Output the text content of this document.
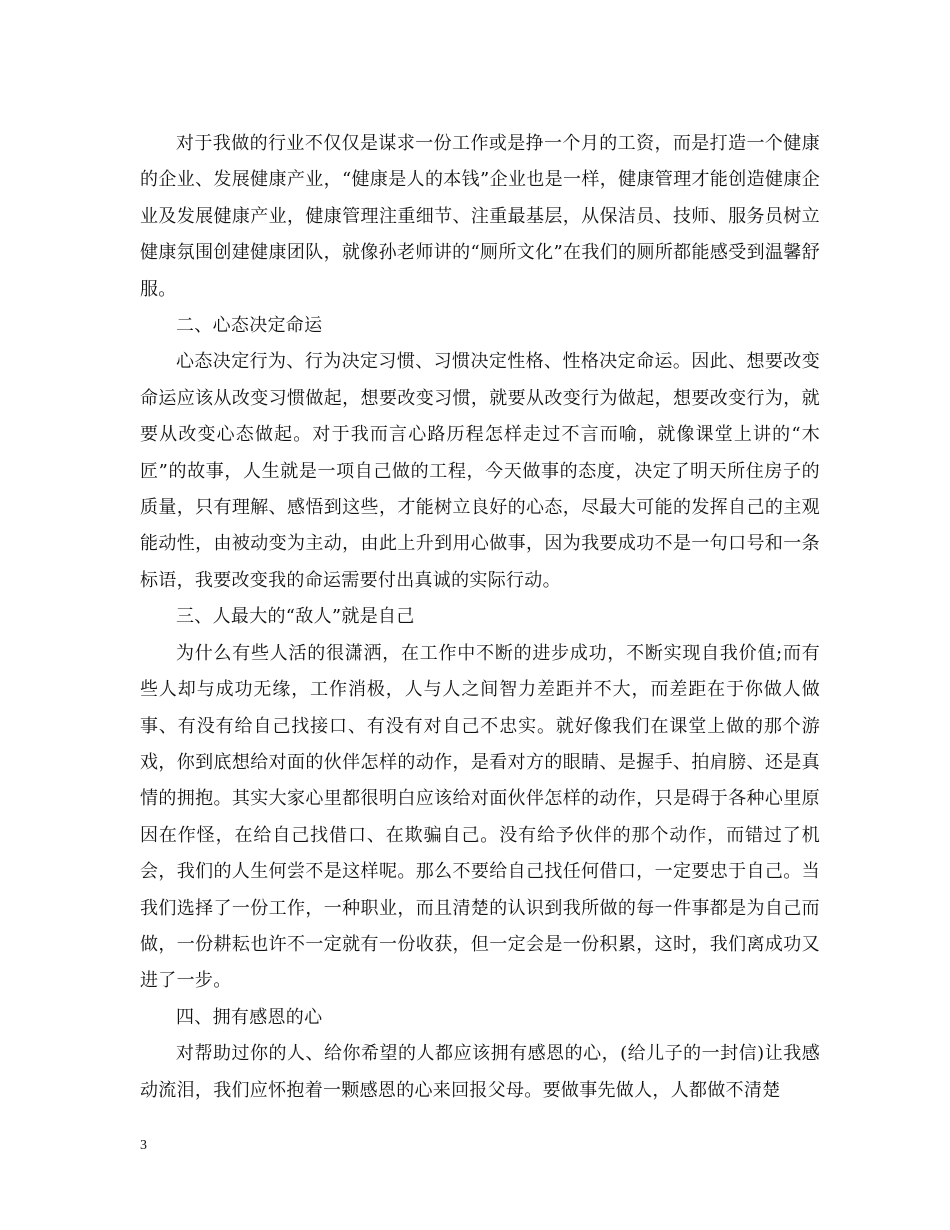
对于我做的行业不仅仅是谋求一份工作或是挣一个月的工资，而是打造一个健康的企业、发展健康产业，“健康是人的本钱”企业也是一样，健康管理才能创造健康企业及发展健康产业，健康管理注重细节、注重最基层，从保洁员、技师、服务员树立健康氛围创建健康团队，就像孙老师讲的“厕所文化”在我们的厕所都能感受到温馨舒服。

二、心态决定命运

心态决定行为、行为决定习惯、习惯决定性格、性格决定命运。因此、想要改变命运应该从改变习惯做起，想要改变习惯，就要从改变行为做起，想要改变行为，就要从改变心态做起。对于我而言心路历程怎样走过不言而喻，就像课堂上讲的“木匠”的故事，人生就是一项自己做的工程，今天做事的态度，决定了明天所住房子的质量，只有理解、感悟到这些，才能树立良好的心态，尽最大可能的发挥自己的主观能动性，由被动变为主动，由此上升到用心做事，因为我要成功不是一句口号和一条标语，我要改变我的命运需要付出真诚的实际行动。

三、人最大的“敌人”就是自己

为什么有些人活的很潇洒，在工作中不断的进步成功，不断实现自我价值;而有些人却与成功无缘，工作消极，人与人之间智力差距并不大，而差距在于你做人做事、有没有给自己找接口、有没有对自己不忠实。就好像我们在课堂上做的那个游戏，你到底想给对面的伙伴怎样的动作，是看对方的眼睛、是握手、拍肩膀、还是真情的拥抱。其实大家心里都很明白应该给对面伙伴怎样的动作，只是碍于各种心里原因在作怪，在给自己找借口、在欺骗自己。没有给予伙伴的那个动作，而错过了机会，我们的人生何尝不是这样呢。那么不要给自己找任何借口，一定要忠于自己。当我们选择了一份工作，一种职业，而且清楚的认识到我所做的每一件事都是为自己而做，一份耕耘也许不一定就有一份收获，但一定会是一份积累，这时，我们离成功又进了一步。

四、拥有感恩的心

对帮助过你的人、给你希望的人都应该拥有感恩的心，(给儿子的一封信)让我感动流泪，我们应怀抱着一颗感恩的心来回报父母。要做事先做人，人都做不清楚

3
